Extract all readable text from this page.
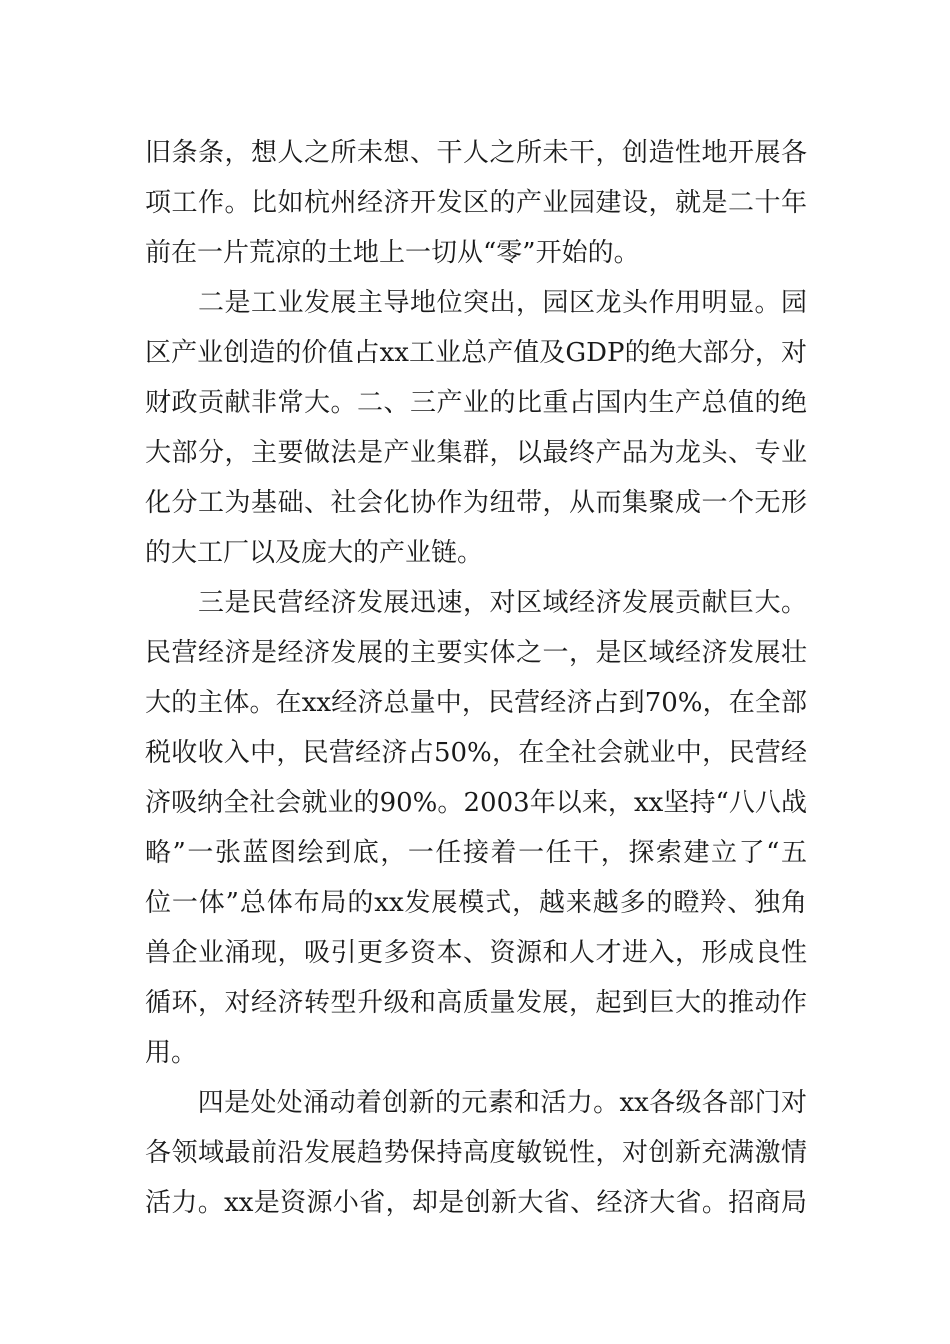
旧条条，想人之所未想、干人之所未干，创造性地开展各
项工作。比如杭州经济开发区的产业园建设，就是二十年
前在一片荒凉的土地上一切从“零”开始的。
　　二是工业发展主导地位突出，园区龙头作用明显。园
区产业创造的价值占xx工业总产值及GDP的绝大部分，对
财政贡献非常大。二、三产业的比重占国内生产总值的绝
大部分，主要做法是产业集群，以最终产品为龙头、专业
化分工为基础、社会化协作为纽带，从而集聚成一个无形
的大工厂以及庞大的产业链。
　　三是民营经济发展迅速，对区域经济发展贡献巨大。
民营经济是经济发展的主要实体之一，是区域经济发展壮
大的主体。在xx经济总量中，民营经济占到70%，在全部
税收收入中，民营经济占50%，在全社会就业中，民营经
济吸纳全社会就业的90%。2003年以来，xx坚持“八八战
略”一张蓝图绘到底，一任接着一任干，探索建立了“五
位一体”总体布局的xx发展模式，越来越多的瞪羚、独角
兽企业涌现，吸引更多资本、资源和人才进入，形成良性
循环，对经济转型升级和高质量发展，起到巨大的推动作
用。
　　四是处处涌动着创新的元素和活力。xx各级各部门对
各领域最前沿发展趋势保持高度敏锐性，对创新充满激情
活力。xx是资源小省，却是创新大省、经济大省。招商局
